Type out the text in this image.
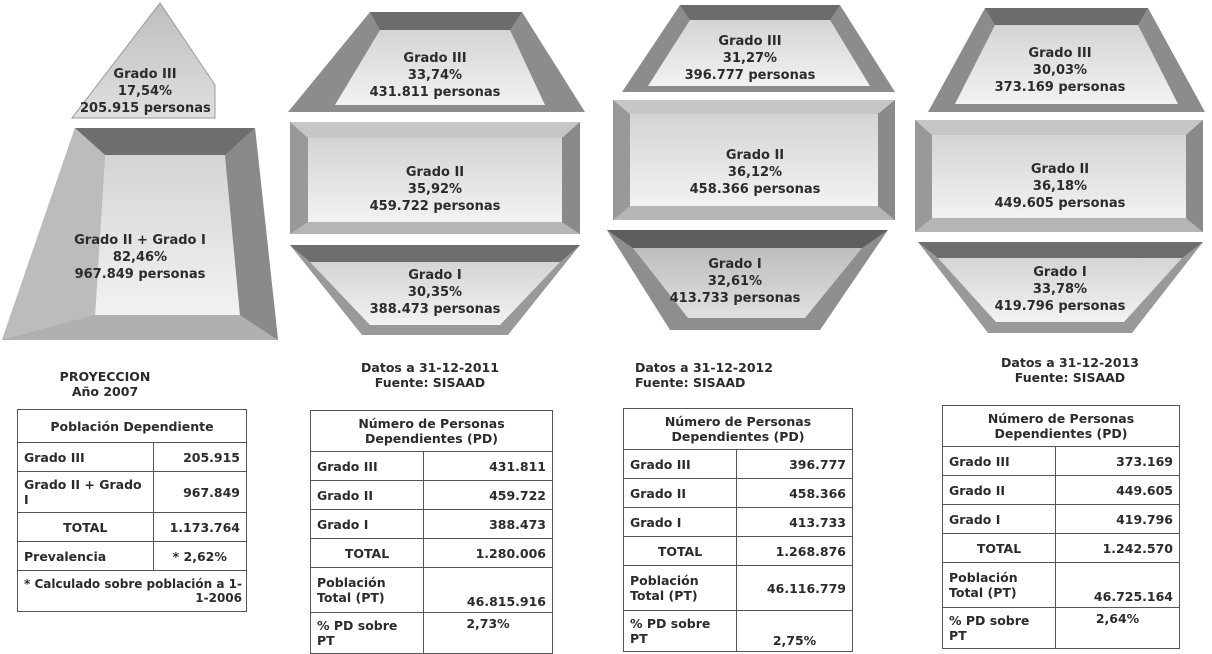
Grado III
17,54%
205.915 personas
Grado II + Grado I
82,46%
967.849 personas
Grado III
33,74%
431.811 personas
Grado II
35,92%
459.722 personas
Grado I
30,35%
388.473 personas
Grado III
31,27%
396.777 personas
Grado II
36,12%
458.366 personas
Grado I
32,61%
413.733 personas
Grado III
30,03%
373.169 personas
Grado II
36,18%
449.605 personas
Grado I
33,78%
419.796 personas
PROYECCION
Año 2007
Datos a 31-12-2011
Fuente: SISAAD
Datos a 31-12-2012
Fuente: SISAAD
Datos a 31-12-2013
Fuente: SISAAD
Población Dependiente	
Grado III	205.915
Grado II + Grado I	967.849
TOTAL	1.173.764
Prevalencia	* 2,62%
* Calculado sobre población a 1-1-2006	
Número de Personas Dependientes (PD)	
Grado III	431.811
Grado II	459.722
Grado I	388.473
TOTAL	1.280.006
Población Total (PT)	46.815.916
% PD sobre PT	2,73%
Número de Personas Dependientes (PD)	
Grado III	396.777
Grado II	458.366
Grado I	413.733
TOTAL	1.268.876
Población Total (PT)	46.116.779
% PD sobre PT	2,75%
Número de Personas Dependientes (PD)	
Grado III	373.169
Grado II	449.605
Grado I	419.796
TOTAL	1.242.570
Población Total (PT)	46.725.164
% PD sobre PT	2,64%
